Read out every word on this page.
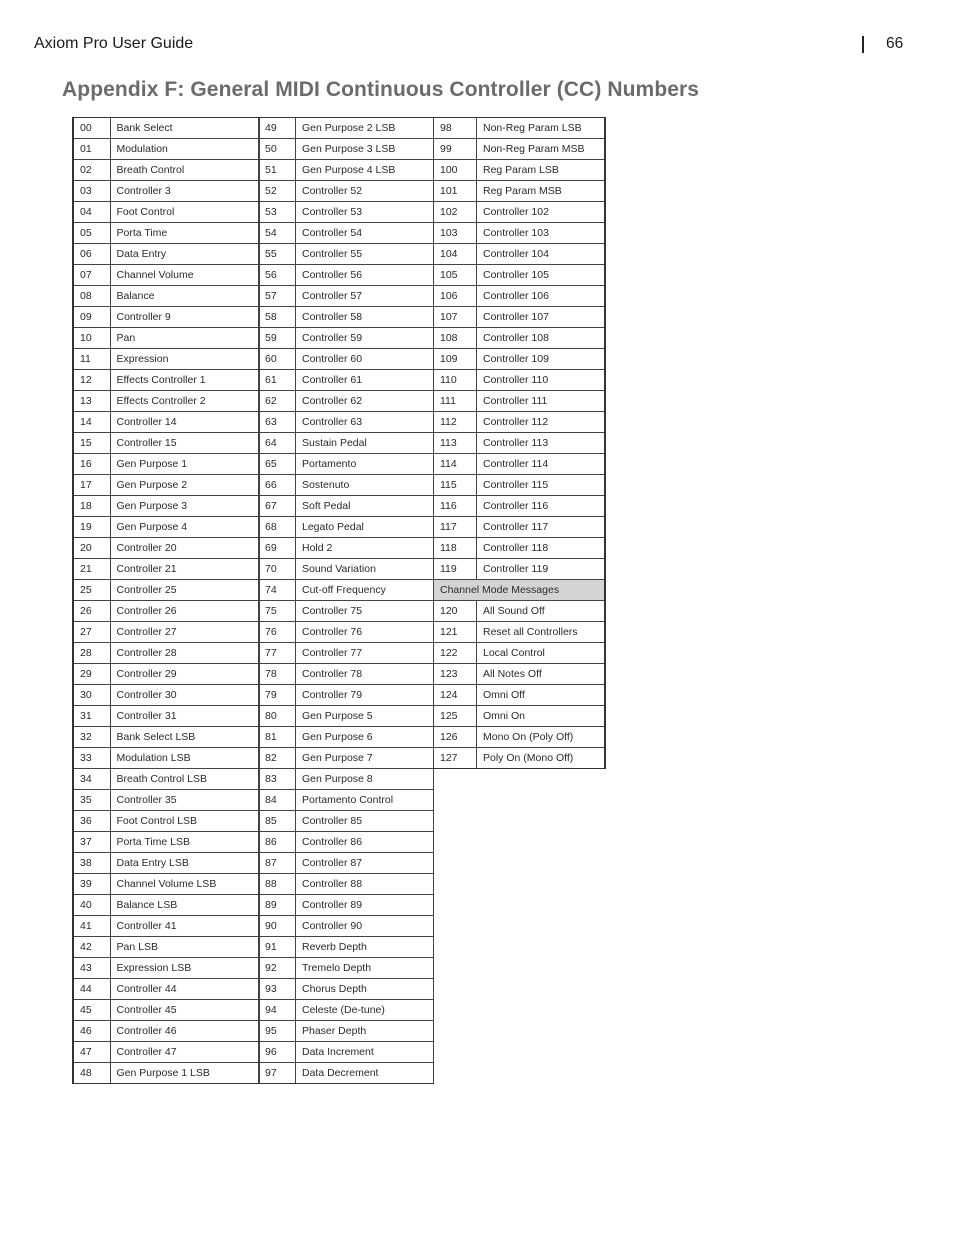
Axiom Pro User Guide	66
Appendix F: General MIDI Continuous Controller (CC) Numbers
00	Bank Select
01	Modulation
02	Breath Control
03	Controller 3
04	Foot Control
05	Porta Time
06	Data Entry
07	Channel Volume
08	Balance
09	Controller 9
10	Pan
11	Expression
12	Effects Controller 1
13	Effects Controller 2
14	Controller 14
15	Controller 15
16	Gen Purpose 1
17	Gen Purpose 2
18	Gen Purpose 3
19	Gen Purpose 4
20	Controller 20
21	Controller 21
25	Controller 25
26	Controller 26
27	Controller 27
28	Controller 28
29	Controller 29
30	Controller 30
31	Controller 31
32	Bank Select LSB
33	Modulation LSB
34	Breath Control LSB
35	Controller 35
36	Foot Control LSB
37	Porta Time LSB
38	Data Entry LSB
39	Channel Volume LSB
40	Balance LSB
41	Controller 41
42	Pan LSB
43	Expression LSB
44	Controller 44
45	Controller 45
46	Controller 46
47	Controller 47
48	Gen Purpose 1 LSB
49	Gen Purpose 2 LSB
50	Gen Purpose 3 LSB
51	Gen Purpose 4 LSB
52	Controller 52
53	Controller 53
54	Controller 54
55	Controller 55
56	Controller 56
57	Controller 57
58	Controller 58
59	Controller 59
60	Controller 60
61	Controller 61
62	Controller 62
63	Controller 63
64	Sustain Pedal
65	Portamento
66	Sostenuto
67	Soft Pedal
68	Legato Pedal
69	Hold 2
70	Sound Variation
74	Cut-off Frequency
75	Controller 75
76	Controller 76
77	Controller 77
78	Controller 78
79	Controller 79
80	Gen Purpose 5
81	Gen Purpose 6
82	Gen Purpose 7
83	Gen Purpose 8
84	Portamento Control
85	Controller 85
86	Controller 86
87	Controller 87
88	Controller 88
89	Controller 89
90	Controller 90
91	Reverb Depth
92	Tremelo Depth
93	Chorus Depth
94	Celeste (De-tune)
95	Phaser Depth
96	Data Increment
97	Data Decrement
98	Non-Reg Param LSB
99	Non-Reg Param MSB
100	Reg Param LSB
101	Reg Param MSB
102	Controller 102
103	Controller 103
104	Controller 104
105	Controller 105
106	Controller 106
107	Controller 107
108	Controller 108
109	Controller 109
110	Controller 110
111	Controller 111
112	Controller 112
113	Controller 113
114	Controller 114
115	Controller 115
116	Controller 116
117	Controller 117
118	Controller 118
119	Controller 119
Channel Mode Messages	
120	All Sound Off
121	Reset all Controllers
122	Local Control
123	All Notes Off
124	Omni Off
125	Omni On
126	Mono On (Poly Off)
127	Poly On (Mono Off)
